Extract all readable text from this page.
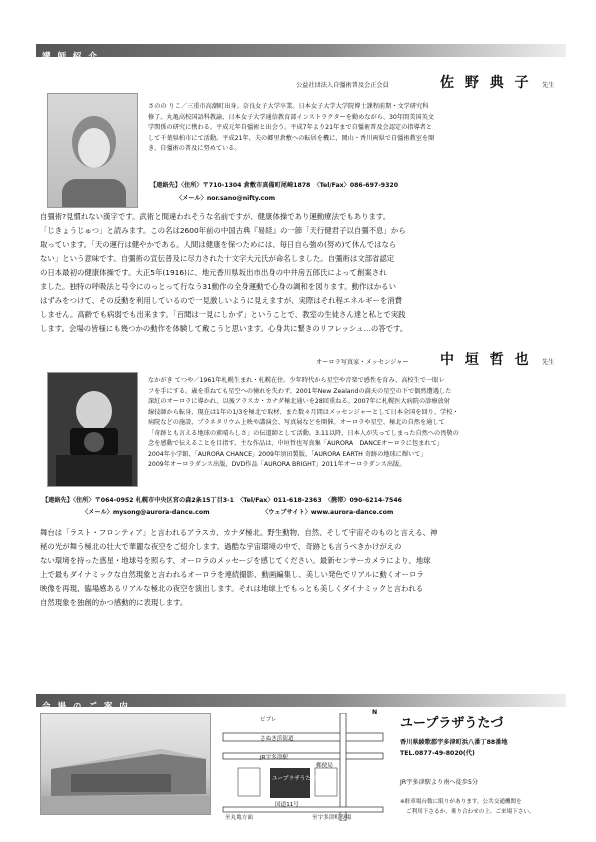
講 師 紹 介
公益社団法人自彊術普及会正会員	佐 野 典 子 先生
さのの りこ／三重市高潮町出身。奈良女子大学卒業。日本女子大学大学院博士課程前期・文学研究科
修了。丸亀高校国語科教諭、日本女子大学通信教育部インストラクターを勤めながら、30年間美国英文
学関係の研究に携わる。平成元年自彊術と出会う。平成7年より21年まで自彊術普及会認定の指導者と
して千葉県柏市にて活動。平成21年、夫の郷里倉敷への転居を機に、岡山・香川両県で自彊術教室を開
き、自彊術の普及に努めている。
【連絡先】〈住所〉〒710-1304 倉敷市真備町尾崎1878　〈Tel/Fax〉086-697-9320
〈メール〉nor.sano@nifty.com
自彊術?見慣れない漢字です。武術と間違われそうな名前ですが、健康体操であり運動療法でもあります。
「じきょうじゅつ」と読みます。この名は2600年前の中国古典『易経』の一節「天行健君子以自彊不息」から
取っています。「天の運行は健やかである。人間は健康を保つためには、毎日自ら強め(努め)て休んではなら
ない」という意味です。自彊術の宣伝普及に尽力された十文字大元氏が命名しました。自彊術は文部省認定
の日本最初の健康体操です。大正5年(1916)に、地元香川県坂出市出身の中井房五郎氏によって創案され
ました。独特の呼吸法と号令にのっとって行なう31動作の全身運動で心身の調和を図ります。動作はかるい
はずみをつけて、その反動を利用しているので一見激しいように見えますが、実際はそれ程エネルギーを消費
しません。高齢でも病弱でも出来ます。「百聞は一見にしかず」ということで、教室の生徒さん達と私とで実践
します。会場の皆様にも幾つかの動作を体験して戴こうと思います。心身共に繋きのリフレッシュ…の答です。
オーロラ写真家・メッセンジャー 中 垣 哲 也 先生
なかがき てつや／1961年札幌生まれ・札幌在住。少年時代から星空や音楽で感性を育み、高校生で一眼レ
フを手にする。歳を重ねても星空への憧れを失わず、2001年New Zealandの満天の星空の下で偶然遭遇した
深紅のオーロラに導かれ、以後アラスカ・カナダ極北通いを28回重ねる。2007年に札幌医大病院の診療放射
線技師から転身、現在は1年の1/3を極北で取材、また数々月間はメッセンジャーとして日本全国を回り、学校・
病院などの施設、プラネタリウム上映や講演会、写真展などを開催。オーロラや星空、極北の自然を通して
「奇跡とも言える地球の素晴らしさ」の伝道師として活動。3.11以降、日本人が失ってしまった自然への畏敬の
念を感動で伝えることを目指す。主な作品は、中垣哲也写真集「AURORA　DANCEオーロラに包まれて」
2004年小学館、「AURORA CHANCE」2009年須田製版、「AURORA EARTH 奇跡の地球に輝いて」
2009年オーロラダンス出版、DVD作品「AURORA BRIGHT」2011年オーロラダンス出版。
【連絡先】〈住所〉〒064-0952 札幌市中央区宮の森2条15丁目3-1　〈Tel/Fax〉011-618-2363　〈携帯〉090-6214-7546
〈メール〉mysong@aurora-dance.com　　　　　　　　　〈ウェブサイト〉www.aurora-dance.com
舞台は「ラスト・フロンティア」と言われるアラスカ、カナダ極北。野生動物、自然、そして宇宙そのものと言える、神
秘の光が舞う極北の壮大で華麗な夜空をご紹介します。過酷な宇宙環境の中で、奇跡とも言うべきかけがえの
ない環境を持った惑星・地球号を照らす、オーロラのメッセージを感じてください。最新センサーカメラにより、地球
上で最もダイナミックな自然現象と言われるオーロラを連続撮影、動画編集し、美しい発色でリアルに動くオーロラ
映像を再現、臨場感あるリアルな極北の夜空を演出します。それは地球上でもっとも美しくダイナミックと言われる
自然現象を独創的かつ感動的に表現します。
会 場 の ご 案 内
ビブレ
さぬき浜街道
JR宇多津駅
郵便局
ユープラザうたづ
国道11号
至丸亀方面	至宇多津町役場
N
ユープラザうたづ
香川県綾歌郡宇多津町浜八番丁88番地
TEL.0877-49-8020(代)
JR宇多津駅より南へ徒歩5分
※駐車場台数に限りがあります。公共交通機関を
ご利用下さるか、乗り合わせの上、ご来場下さい。
